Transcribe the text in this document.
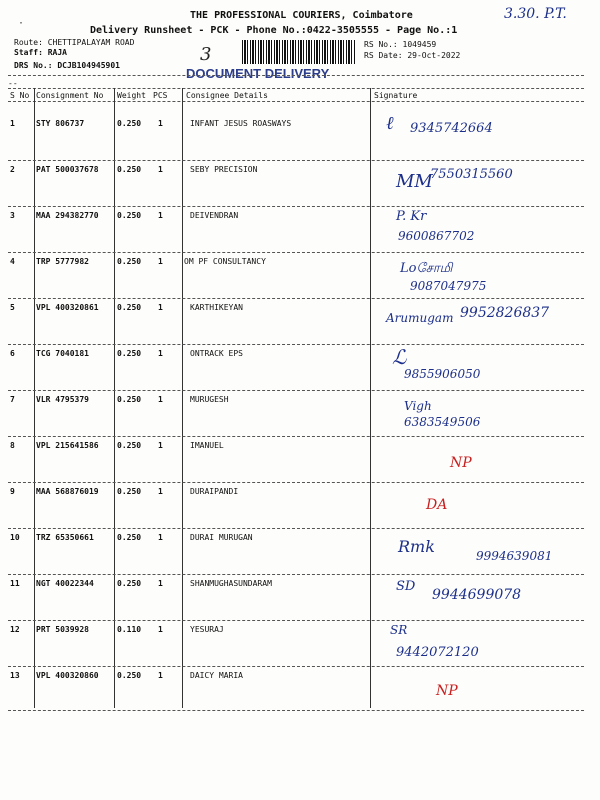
THE PROFESSIONAL COURIERS, Coimbatore
Delivery Runsheet - PCK - Phone No.:0422-3505555 - Page No.:1
3.30. P.T.
·
Route: CHETTIPALAYAM ROAD
Staff: RAJA
DRS No.: DCJB104945901
3	RS No.: 1049459
RS Date: 29-Oct-2022
DOCUMENT DELIVERY
--
S No Consignment No Weight PCS Consignee Details	Signature
1	STY 806737	0.250 1	INFANT JESUS ROASWAYS	ℓ 9345742664
2	PAT 500037678 0.250 1	SEBY PRECISION
MM
7550315560
3	MAA 294382770 0.250 1	DEIVENDRAN	P. Kr
9600867702
4	TRP 5777982	0.250 1	OM PF CONSULTANCY	Loசோமி
9087047975
5	VPL 400320861 0.250 1	KARTHIKEYAN
Arumugam 9952826837
6	TCG 7040181	0.250 1	ONTRACK EPS	ℒ
9855906050
7	VLR 4795379	0.250 1	MURUGESH	Vigh
6383549506
8	VPL 215641586 0.250 1	IMANUEL
NP
9	MAA 568876019 0.250 1	DURAIPANDI
DA
10 TRZ 65350661	0.250 1	DURAI MURUGAN	Rmk	9994639081
11 NGT 40022344	0.250 1	SHANMUGHASUNDARAM	SD
9944699078
12 PRT 5039928	0.110 1	YESURAJ	SR
9442072120
13 VPL 400320860 0.250 1	DAICY MARIA
NP
